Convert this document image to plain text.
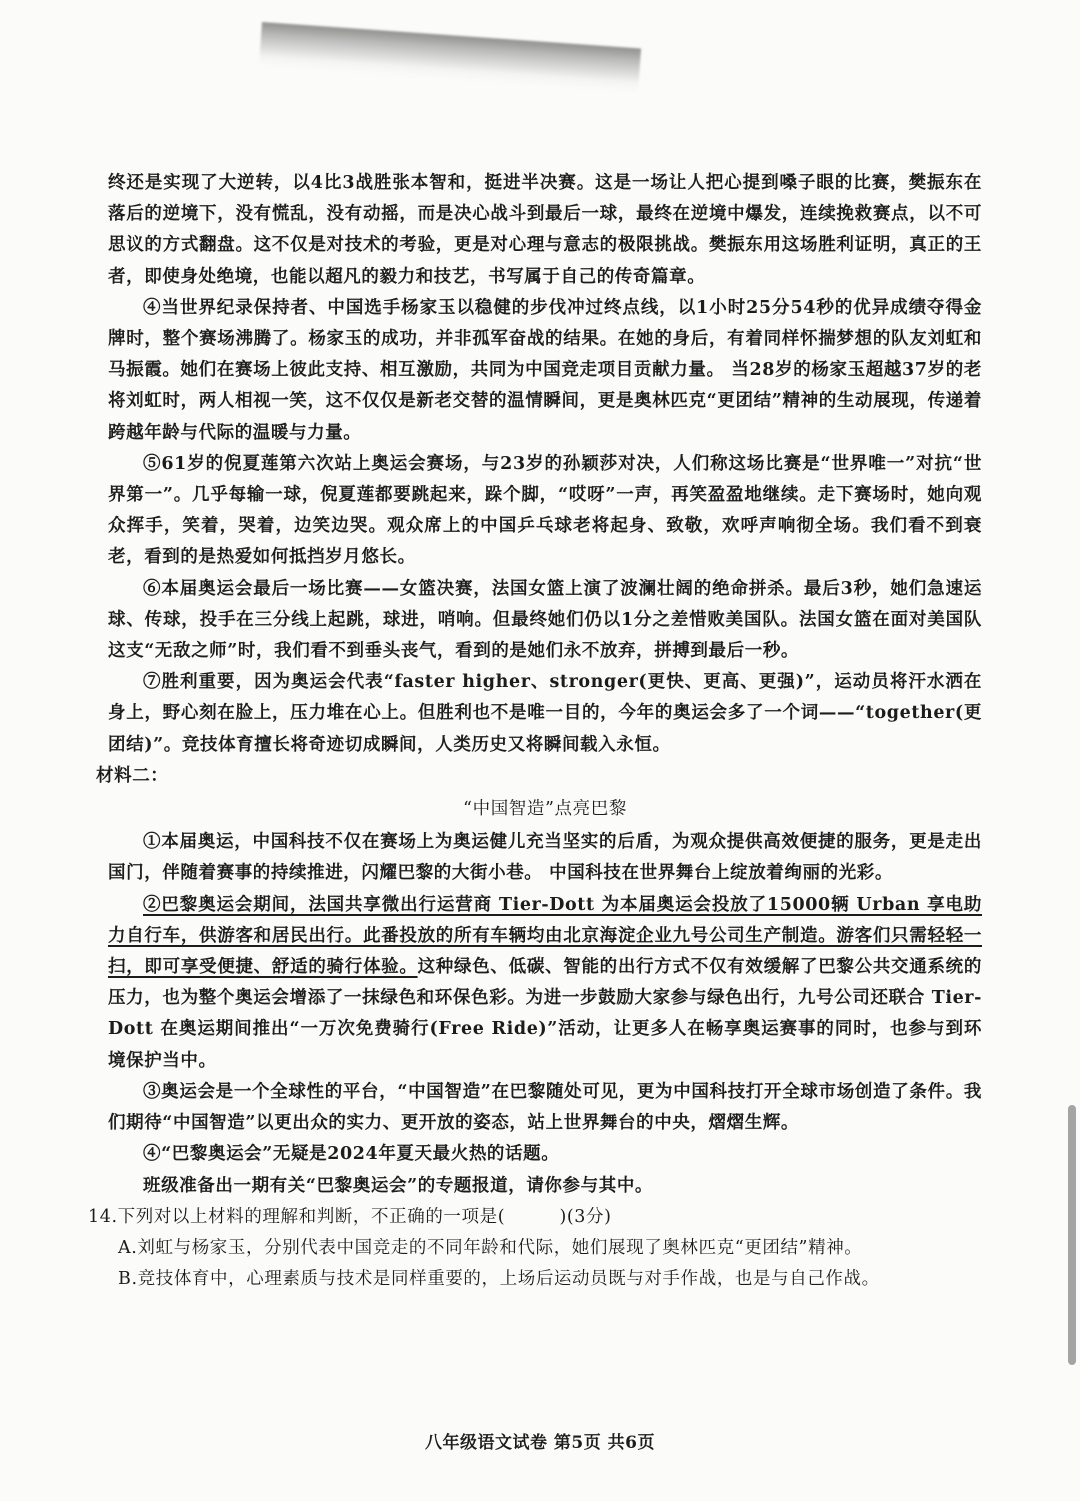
终还是实现了大逆转，以4比3战胜张本智和，挺进半决赛。这是一场让人把心提到嗓子眼的比赛，樊振东在落后的逆境下，没有慌乱，没有动摇，而是决心战斗到最后一球，最终在逆境中爆发，连续挽救赛点，以不可思议的方式翻盘。这不仅是对技术的考验，更是对心理与意志的极限挑战。樊振东用这场胜利证明，真正的王者，即使身处绝境，也能以超凡的毅力和技艺，书写属于自己的传奇篇章。

④当世界纪录保持者、中国选手杨家玉以稳健的步伐冲过终点线，以1小时25分54秒的优异成绩夺得金牌时，整个赛场沸腾了。杨家玉的成功，并非孤军奋战的结果。在她的身后，有着同样怀揣梦想的队友刘虹和马振霞。她们在赛场上彼此支持、相互激励，共同为中国竞走项目贡献力量。 当28岁的杨家玉超越37岁的老将刘虹时，两人相视一笑，这不仅仅是新老交替的温情瞬间，更是奥林匹克“更团结”精神的生动展现，传递着跨越年龄与代际的温暖与力量。

⑤61岁的倪夏莲第六次站上奥运会赛场，与23岁的孙颖莎对决，人们称这场比赛是“世界唯一”对抗“世界第一”。几乎每输一球，倪夏莲都要跳起来，跺个脚，“哎呀”一声，再笑盈盈地继续。走下赛场时，她向观众挥手，笑着，哭着，边笑边哭。观众席上的中国乒乓球老将起身、致敬，欢呼声响彻全场。我们看不到衰老，看到的是热爱如何抵挡岁月悠长。

⑥本届奥运会最后一场比赛——女篮决赛，法国女篮上演了波澜壮阔的绝命拼杀。最后3秒，她们急速运球、传球，投手在三分线上起跳，球进，哨响。但最终她们仍以1分之差惜败美国队。法国女篮在面对美国队这支“无敌之师”时，我们看不到垂头丧气，看到的是她们永不放弃，拼搏到最后一秒。

⑦胜利重要，因为奥运会代表“faster higher、stronger(更快、更高、更强)”，运动员将汗水洒在身上，野心刻在脸上，压力堆在心上。但胜利也不是唯一目的，今年的奥运会多了一个词——“together(更团结)”。竞技体育擅长将奇迹切成瞬间，人类历史又将瞬间载入永恒。

材料二：

“中国智造”点亮巴黎

①本届奥运，中国科技不仅在赛场上为奥运健儿充当坚实的后盾，为观众提供高效便捷的服务，更是走出国门，伴随着赛事的持续推进，闪耀巴黎的大街小巷。 中国科技在世界舞台上绽放着绚丽的光彩。

②巴黎奥运会期间，法国共享微出行运营商 Tier-Dott 为本届奥运会投放了15000辆 Urban 享电助力自行车，供游客和居民出行。此番投放的所有车辆均由北京海淀企业九号公司生产制造。游客们只需轻轻一扫，即可享受便捷、舒适的骑行体验。这种绿色、低碳、智能的出行方式不仅有效缓解了巴黎公共交通系统的压力，也为整个奥运会增添了一抹绿色和环保色彩。为进一步鼓励大家参与绿色出行，九号公司还联合 Tier-Dott 在奥运期间推出“一万次免费骑行(Free Ride)”活动，让更多人在畅享奥运赛事的同时，也参与到环境保护当中。

③奥运会是一个全球性的平台，“中国智造”在巴黎随处可见，更为中国科技打开全球市场创造了条件。我们期待“中国智造”以更出众的实力、更开放的姿态，站上世界舞台的中央，熠熠生辉。

④“巴黎奥运会”无疑是2024年夏天最火热的话题。

班级准备出一期有关“巴黎奥运会”的专题报道，请你参与其中。

14.下列对以上材料的理解和判断，不正确的一项是(　　　)(3分)

A.刘虹与杨家玉，分别代表中国竞走的不同年龄和代际，她们展现了奥林匹克“更团结”精神。

B.竞技体育中，心理素质与技术是同样重要的，上场后运动员既与对手作战，也是与自己作战。

八年级语文试卷 第5页 共6页
